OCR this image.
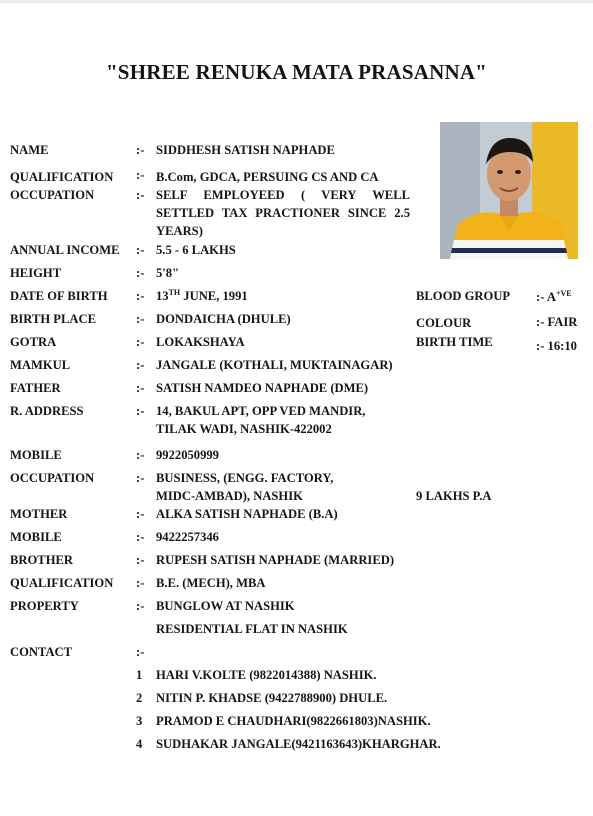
"SHREE RENUKA MATA PRASANNA"
NAME	:- SIDDHESH SATISH NAPHADE
QUALIFICATION :- B.Com, GDCA, PERSUING CS AND CA
OCCUPATION	:- SELF EMPLOYEED ( VERY WELL SETTLED TAX PRACTIONER SINCE 2.5 YEARS)
ANNUAL INCOME :- 5.5 - 6 LAKHS
HEIGHT	:- 5'8"
DATE OF BIRTH :- 13TH JUNE, 1991	BLOOD GROUP :- $A^{+VE}$
BIRTH PLACE	:- DONDAICHA (DHULE)	COLOUR	:- FAIR
GOTRA	:- LOKAKSHAYA	BIRTH TIME	:- 16:10
MAMKUL	:- JANGALE (KOTHALI, MUKTAINAGAR)
FATHER	:- SATISH NAMDEO NAPHADE (DME)
R. ADDRESS	:- 14, BAKUL APT, OPP VED MANDIR,
TILAK WADI, NASHIK-422002
MOBILE	:- 9922050999
OCCUPATION	:- BUSINESS, (ENGG. FACTORY,
MIDC-AMBAD), NASHIK	9 LAKHS P.A
MOTHER	:- ALKA SATISH NAPHADE (B.A)
MOBILE	:- 9422257346
BROTHER	:- RUPESH SATISH NAPHADE (MARRIED)
QUALIFICATION :- B.E. (MECH), MBA
PROPERTY	:- BUNGLOW AT NASHIK
RESIDENTIAL FLAT IN NASHIK
CONTACT	:-
1 HARI V.KOLTE (9822014388) NASHIK.
2 NITIN P. KHADSE (9422788900) DHULE.
3 PRAMOD E CHAUDHARI(9822661803)NASHIK.
4 SUDHAKAR JANGALE(9421163643)KHARGHAR.
